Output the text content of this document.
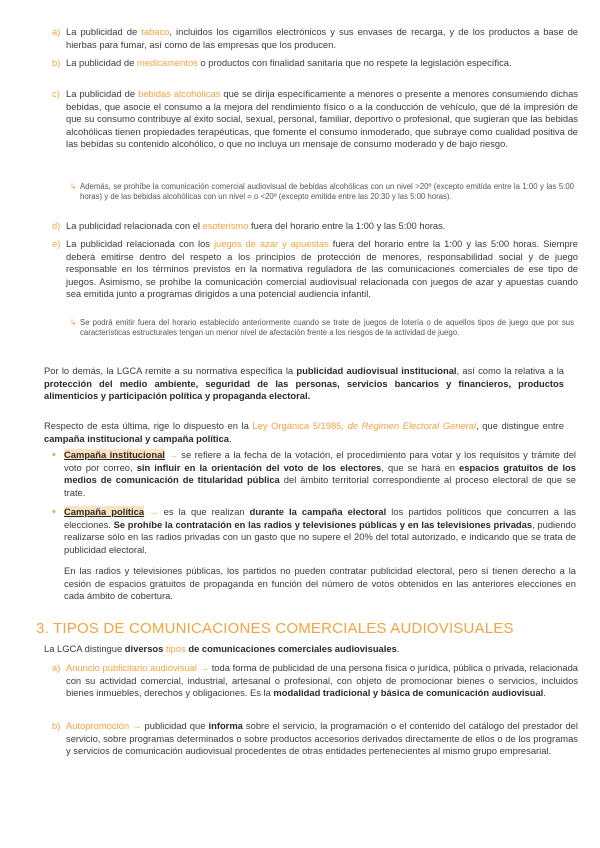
a) La publicidad de tabaco, incluidos los cigarrillos electrónicos y sus envases de recarga, y de los productos a base de hierbas para fumar, así como de las empresas que los producen.
b) La publicidad de medicamentos o productos con finalidad sanitaria que no respete la legislación específica.
c) La publicidad de bebidas alcohólicas que se dirija específicamente a menores o presente a menores consumiendo dichas bebidas, que asocie el consumo a la mejora del rendimiento físico o a la conducción de vehículo, que dé la impresión de que su consumo contribuye al éxito social, sexual, personal, familiar, deportivo o profesional, que sugieran que las bebidas alcohólicas tienen propiedades terapéuticas, que fomente el consumo inmoderado, que subraye como cualidad positiva de las bebidas su contenido alcohólico, o que no incluya un mensaje de consumo moderado y de bajo riesgo.
↳ Además, se prohíbe la comunicación comercial audiovisual de bebidas alcohólicas con un nivel >20º (excepto emitida entre la 1:00 y las 5:00 horas) y de las bebidas alcohólicas con un nivel = o <20º (excepto emitida entre las 20:30 y las 5:00 horas).
d) La publicidad relacionada con el esoterismo fuera del horario entre la 1:00 y las 5:00 horas.
e) La publicidad relacionada con los juegos de azar y apuestas fuera del horario entre la 1:00 y las 5:00 horas. Siempre deberá emitirse dentro del respeto a los principios de protección de menores, responsabilidad social y de juego responsable en los términos previstos en la normativa reguladora de las comunicaciones comerciales de ese tipo de juegos. Asimismo, se prohíbe la comunicación comercial audiovisual relacionada con juegos de azar y apuestas cuando sea emitida junto a programas dirigidos a una potencial audiencia infantil.
↳ Se podrá emitir fuera del horario establecido anteriormente cuando se trate de juegos de lotería o de aquellos tipos de juego que por sus características estructurales tengan un menor nivel de afectación frente a los riesgos de la actividad de juego.
Por lo demás, la LGCA remite a su normativa específica la publicidad audiovisual institucional, así como la relativa a la protección del medio ambiente, seguridad de las personas, servicios bancarios y financieros, productos alimenticios y participación política y propaganda electoral.
Respecto de esta última, rige lo dispuesto en la Ley Orgánica 5/1985, de Régimen Electoral General, que distingue entre campaña institucional y campaña política.
• Campaña institucional → se refiere a la fecha de la votación, el procedimiento para votar y los requisitos y trámite del voto por correo, sin influir en la orientación del voto de los electores, que se hará en espacios gratuitos de los medios de comunicación de titularidad pública del ámbito territorial correspondiente al proceso electoral de que se trate.
• Campaña política → es la que realizan durante la campaña electoral los partidos políticos que concurren a las elecciones. Se prohíbe la contratación en las radios y televisiones públicas y en las televisiones privadas, pudiendo realizarse sólo en las radios privadas con un gasto que no supere el 20% del total autorizado, e indicando que se trata de publicidad electoral.
En las radios y televisiones públicas, los partidos no pueden contratar publicidad electoral, pero sí tienen derecho a la cesión de espacios gratuitos de propaganda en función del número de votos obtenidos en las anteriores elecciones en cada ámbito de cobertura.
3. TIPOS DE COMUNICACIONES COMERCIALES AUDIOVISUALES
La LGCA distingue diversos tipos de comunicaciones comerciales audiovisuales.
a) Anuncio publicitario audiovisual → toda forma de publicidad de una persona física o jurídica, pública o privada, relacionada con su actividad comercial, industrial, artesanal o profesional, con objeto de promocionar bienes o servicios, incluidos bienes inmuebles, derechos y obligaciones. Es la modalidad tradicional y básica de comunicación audiovisual.
b) Autopromoción → publicidad que informa sobre el servicio, la programación o el contenido del catálogo del prestador del servicio, sobre programas determinados o sobre productos accesorios derivados directamente de ellos o de los programas y servicios de comunicación audiovisual procedentes de otras entidades pertenecientes al mismo grupo empresarial.
